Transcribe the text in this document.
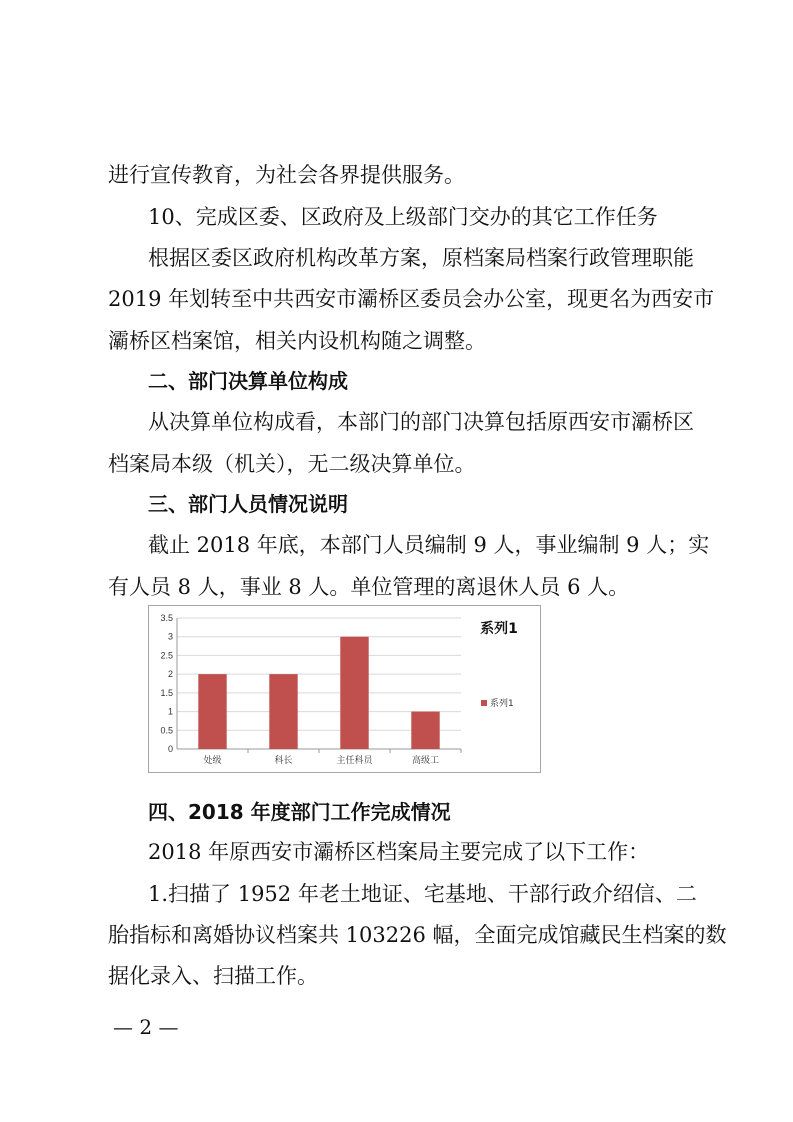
进行宣传教育，为社会各界提供服务。
10、完成区委、区政府及上级部门交办的其它工作任务
根据区委区政府机构改革方案，原档案局档案行政管理职能
2019 年划转至中共西安市灞桥区委员会办公室，现更名为西安市
灞桥区档案馆，相关内设机构随之调整。
二、部门决算单位构成
从决算单位构成看，本部门的部门决算包括原西安市灞桥区
档案局本级（机关），无二级决算单位。
三、部门人员情况说明
截止 2018 年底，本部门人员编制 9 人，事业编制 9 人；实
有人员 8 人，事业 8 人。单位管理的离退休人员 6 人。
0
0.5
1
1.5
2
2.5
3
3.5
处级	科长	主任科员	高级工
系列1
系列1
四、2018 年度部门工作完成情况
2018 年原西安市灞桥区档案局主要完成了以下工作：
1.扫描了 1952 年老土地证、宅基地、干部行政介绍信、二
胎指标和离婚协议档案共 103226 幅，全面完成馆藏民生档案的数
据化录入、扫描工作。
— 2 —
